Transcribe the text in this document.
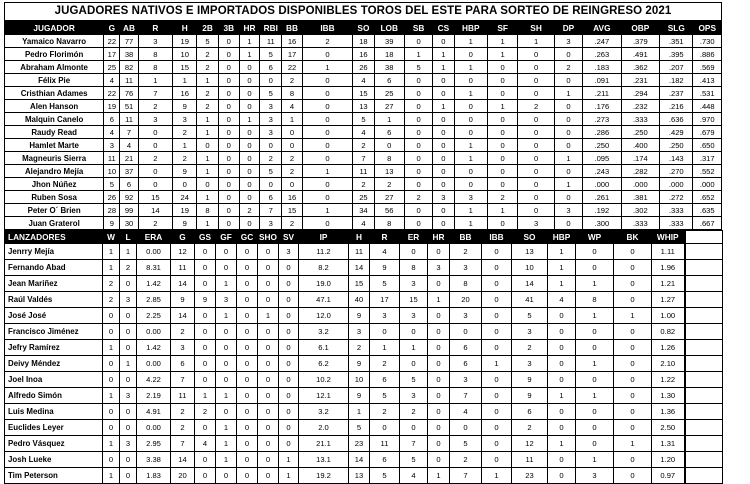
JUGADORES NATIVOS E IMPORTADOS DISPONIBLES TOROS DEL ESTE PARA SORTEO DE REINGRESO 2021
JUGADOR	G	AB	R	H	2B	3B	HR	RBI	BB	IBB	SO	LOB	SB	CS	HBP	SF	SH	DP	AVG	OBP	SLG	OPS
Yamaico Navarro	22	77	3	19	5	0	1	11	16	2	18	39	0	0	1	1	1	3	.247	.379	.351	.730
Pedro Florimón	17	38	8	10	2	0	1	5	17	0	16	18	1	1	0	1	0	0	.263	.491	.395	.886
Abraham Almonte	25	82	8	15	2	0	0	6	22	1	26	38	5	1	1	0	0	2	.183	.362	.207	.569
Félix Pie	4	11	1	1	1	0	0	0	2	0	4	6	0	0	0	0	0	0	.091	.231	.182	.413
Cristhian Adames	22	76	7	16	2	0	0	5	8	0	15	25	0	0	1	0	0	1	.211	.294	.237	.531
Alen Hanson	19	51	2	9	2	0	0	3	4	0	13	27	0	1	0	1	2	0	.176	.232	.216	.448
Malquin Canelo	6	11	3	3	1	0	1	3	1	0	5	1	0	0	0	0	0	0	.273	.333	.636	.970
Raudy Read	4	7	0	2	1	0	0	3	0	0	4	6	0	0	0	0	0	0	.286	.250	.429	.679
Hamlet Marte	3	4	0	1	0	0	0	0	0	0	2	0	0	0	1	0	0	0	.250	.400	.250	.650
Magneuris Sierra	11	21	2	2	1	0	0	2	2	0	7	8	0	0	1	0	0	1	.095	.174	.143	.317
Alejandro Mejía	10	37	0	9	1	0	0	5	2	1	11	13	0	0	0	0	0	0	.243	.282	.270	.552
Jhon Núñez	5	6	0	0	0	0	0	0	0	0	2	2	0	0	0	0	0	1	.000	.000	.000	.000
Ruben Sosa	26	92	15	24	1	0	0	6	16	0	25	27	2	3	3	2	0	0	.261	.381	.272	.652
Peter O´ Brien	28	99	14	19	8	0	2	7	15	1	34	56	0	0	1	1	0	3	.192	.302	.333	.635
Juan Graterol	9	30	2	9	1	0	0	3	2	0	4	8	0	0	1	0	3	0	.300	.333	.333	.667
LANZADORES	W	L	ERA	G	GS	GF	GC	SHO	SV	IP	H	R	ER	HR	BB	IBB	SO	HBP	WP	BK	WHIP	
Jenrry Mejía	1	1	0.00	12	0	0	0	0	3	11.2	11	4	0	0	2	0	13	1	0	0	1.11	
Fernando Abad	1	2	8.31	11	0	0	0	0	0	8.2	14	9	8	3	3	0	10	1	0	0	1.96	
Jean Mariñez	2	0	1.42	14	0	1	0	0	0	19.0	15	5	3	0	8	0	14	1	1	0	1.21	
Raúl Valdés	2	3	2.85	9	9	3	0	0	0	47.1	40	17	15	1	20	0	41	4	8	0	1.27	
José José	0	0	2.25	14	0	1	0	1	0	12.0	9	3	3	0	3	0	5	0	1	1	1.00	
Francisco Jiménez	0	0	0.00	2	0	0	0	0	0	3.2	3	0	0	0	0	0	3	0	0	0	0.82	
Jefry Ramírez	1	0	1.42	3	0	0	0	0	0	6.1	2	1	1	0	6	0	2	0	0	0	1.26	
Deivy Méndez	0	1	0.00	6	0	0	0	0	0	6.2	9	2	0	0	6	1	3	0	1	0	2.10	
Joel Inoa	0	0	4.22	7	0	0	0	0	0	10.2	10	6	5	0	3	0	9	0	0	0	1.22	
Alfredo Simón	1	3	2.19	11	1	1	0	0	0	12.1	9	5	3	0	7	0	9	1	1	0	1.30	
Luis Medina	0	0	4.91	2	2	0	0	0	0	3.2	1	2	2	0	4	0	6	0	0	0	1.36	
Euclides Leyer	0	0	0.00	2	0	1	0	0	0	2.0	5	0	0	0	0	0	2	0	0	0	2.50	
Pedro Vásquez	1	3	2.95	7	4	1	0	0	0	21.1	23	11	7	0	5	0	12	1	0	1	1.31	
Josh Lueke	0	0	3.38	14	0	1	0	0	1	13.1	14	6	5	0	2	0	11	0	1	0	1.20	
Tim Peterson	1	0	1.83	20	0	0	0	0	1	19.2	13	5	4	1	7	1	23	0	3	0	0.97	
